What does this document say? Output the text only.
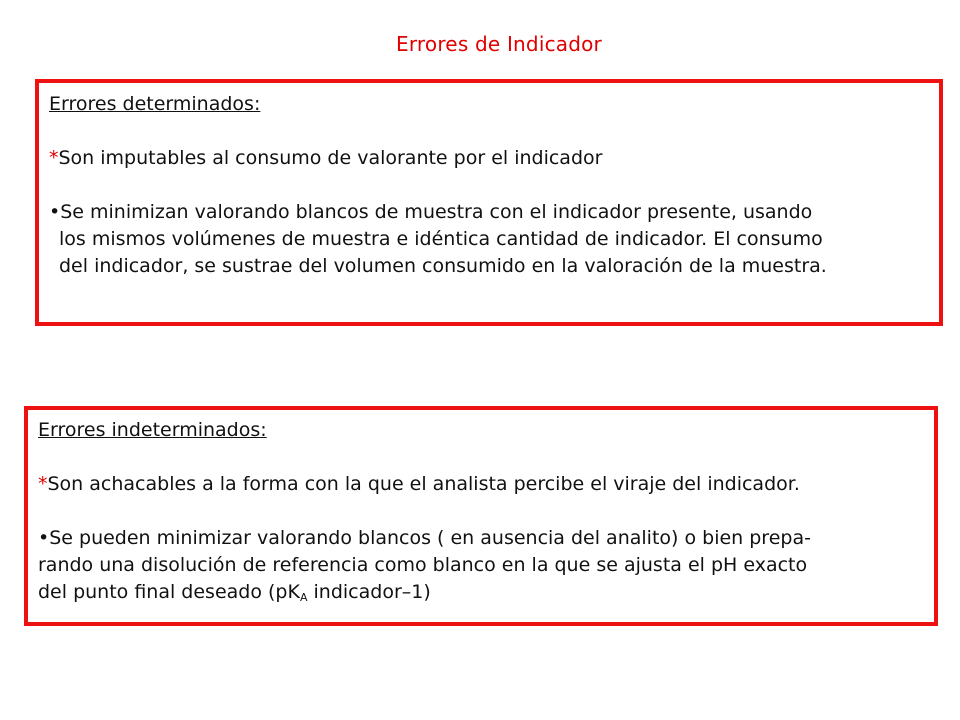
Errores de Indicador

Errores determinados:

*Son imputables al consumo de valorante por el indicador

•Se minimizan valorando blancos de muestra con el indicador presente, usando

los mismos volúmenes de muestra e idéntica cantidad de indicador. El consumo

del indicador, se sustrae del volumen consumido en la valoración de la muestra.

Errores indeterminados:

*Son achacables a la forma con la que el analista percibe el viraje del indicador.

•Se pueden minimizar valorando blancos ( en ausencia del analito) o bien prepa-

rando una disolución de referencia como blanco en la que se ajusta el pH exacto

del punto final deseado ($pK_A$ indicador–1)
